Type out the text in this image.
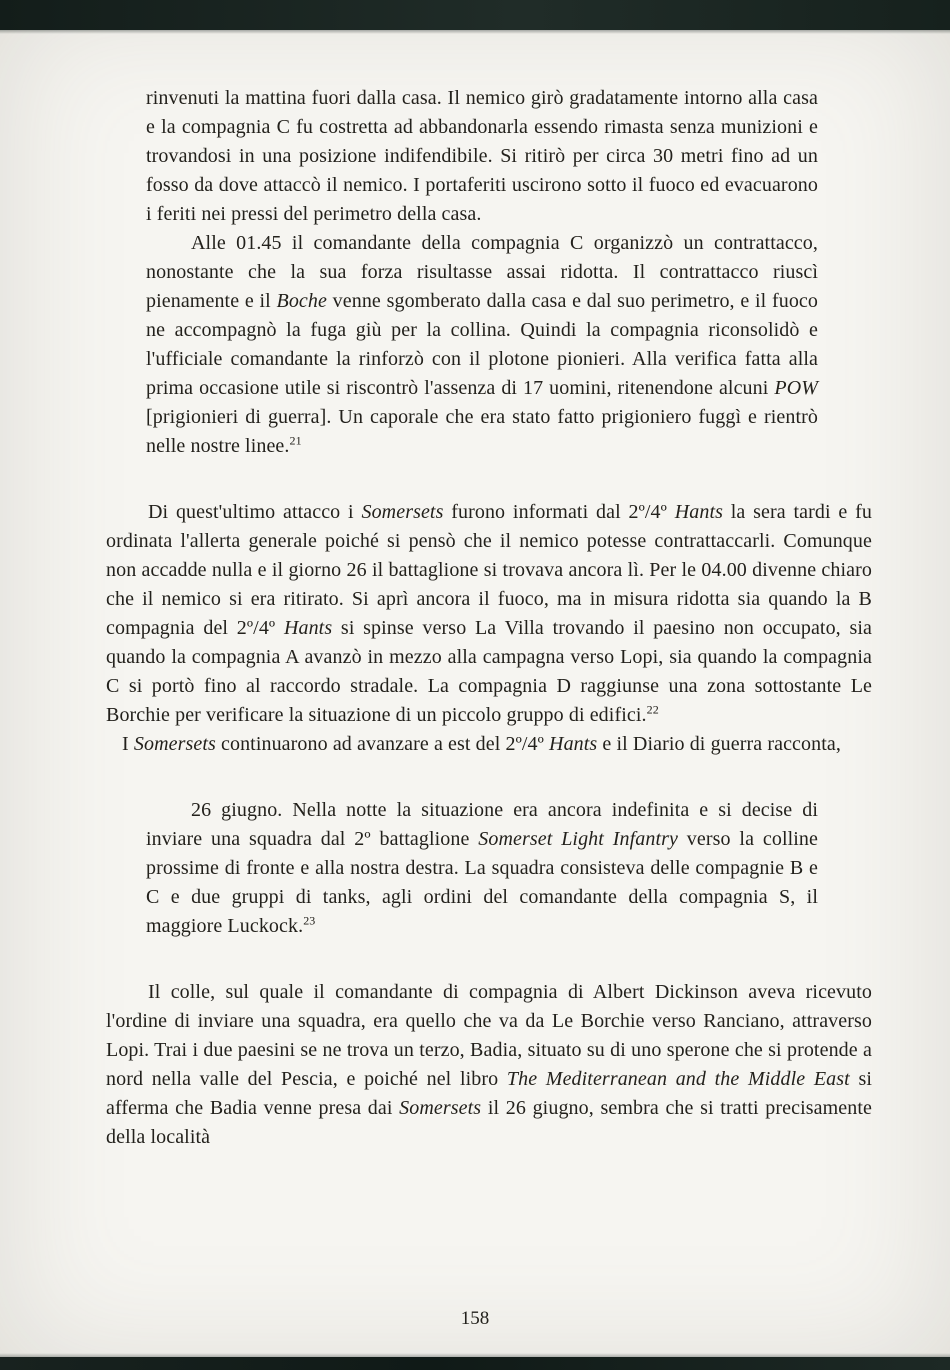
rinvenuti la mattina fuori dalla casa. Il nemico girò gradatamente intorno alla casa e la compagnia C fu costretta ad abbandonarla essendo rimasta senza munizioni e trovandosi in una posizione indifendibile. Si ritirò per circa 30 metri fino ad un fosso da dove attaccò il nemico. I portaferiti uscirono sotto il fuoco ed evacuarono i feriti nei pressi del perimetro della casa.

Alle 01.45 il comandante della compagnia C organizzò un contrattacco, nonostante che la sua forza risultasse assai ridotta. Il contrattacco riuscì pienamente e il Boche venne sgomberato dalla casa e dal suo perimetro, e il fuoco ne accompagnò la fuga giù per la collina. Quindi la compagnia riconsolidò e l'ufficiale comandante la rinforzò con il plotone pionieri. Alla verifica fatta alla prima occasione utile si riscontrò l'assenza di 17 uomini, ritenendone alcuni POW [prigionieri di guerra]. Un caporale che era stato fatto prigioniero fuggì e rientrò nelle nostre linee.$^{21}$

Di quest'ultimo attacco i Somersets furono informati dal 2º/4º Hants la sera tardi e fu ordinata l'allerta generale poiché si pensò che il nemico potesse contrattaccarli. Comunque non accadde nulla e il giorno 26 il battaglione si trovava ancora lì. Per le 04.00 divenne chiaro che il nemico si era ritirato. Si aprì ancora il fuoco, ma in misura ridotta sia quando la B compagnia del 2º/4º Hants si spinse verso La Villa trovando il paesino non occupato, sia quando la compagnia A avanzò in mezzo alla campagna verso Lopi, sia quando la compagnia C si portò fino al raccordo stradale. La compagnia D raggiunse una zona sottostante Le Borchie per verificare la situazione di un piccolo gruppo di edifici.$^{22}$

I Somersets continuarono ad avanzare a est del 2º/4º Hants e il Diario di guerra racconta,

26 giugno. Nella notte la situazione era ancora indefinita e si decise di inviare una squadra dal 2º battaglione Somerset Light Infantry verso la colline prossime di fronte e alla nostra destra. La squadra consisteva delle compagnie B e C e due gruppi di tanks, agli ordini del comandante della compagnia S, il maggiore Luckock.$^{23}$

Il colle, sul quale il comandante di compagnia di Albert Dickinson aveva ricevuto l'ordine di inviare una squadra, era quello che va da Le Borchie verso Ranciano, attraverso Lopi. Trai i due paesini se ne trova un terzo, Badia, situato su di uno sperone che si protende a nord nella valle del Pescia, e poiché nel libro The Mediterranean and the Middle East si afferma che Badia venne presa dai Somersets il 26 giugno, sembra che si tratti precisamente della località

158
